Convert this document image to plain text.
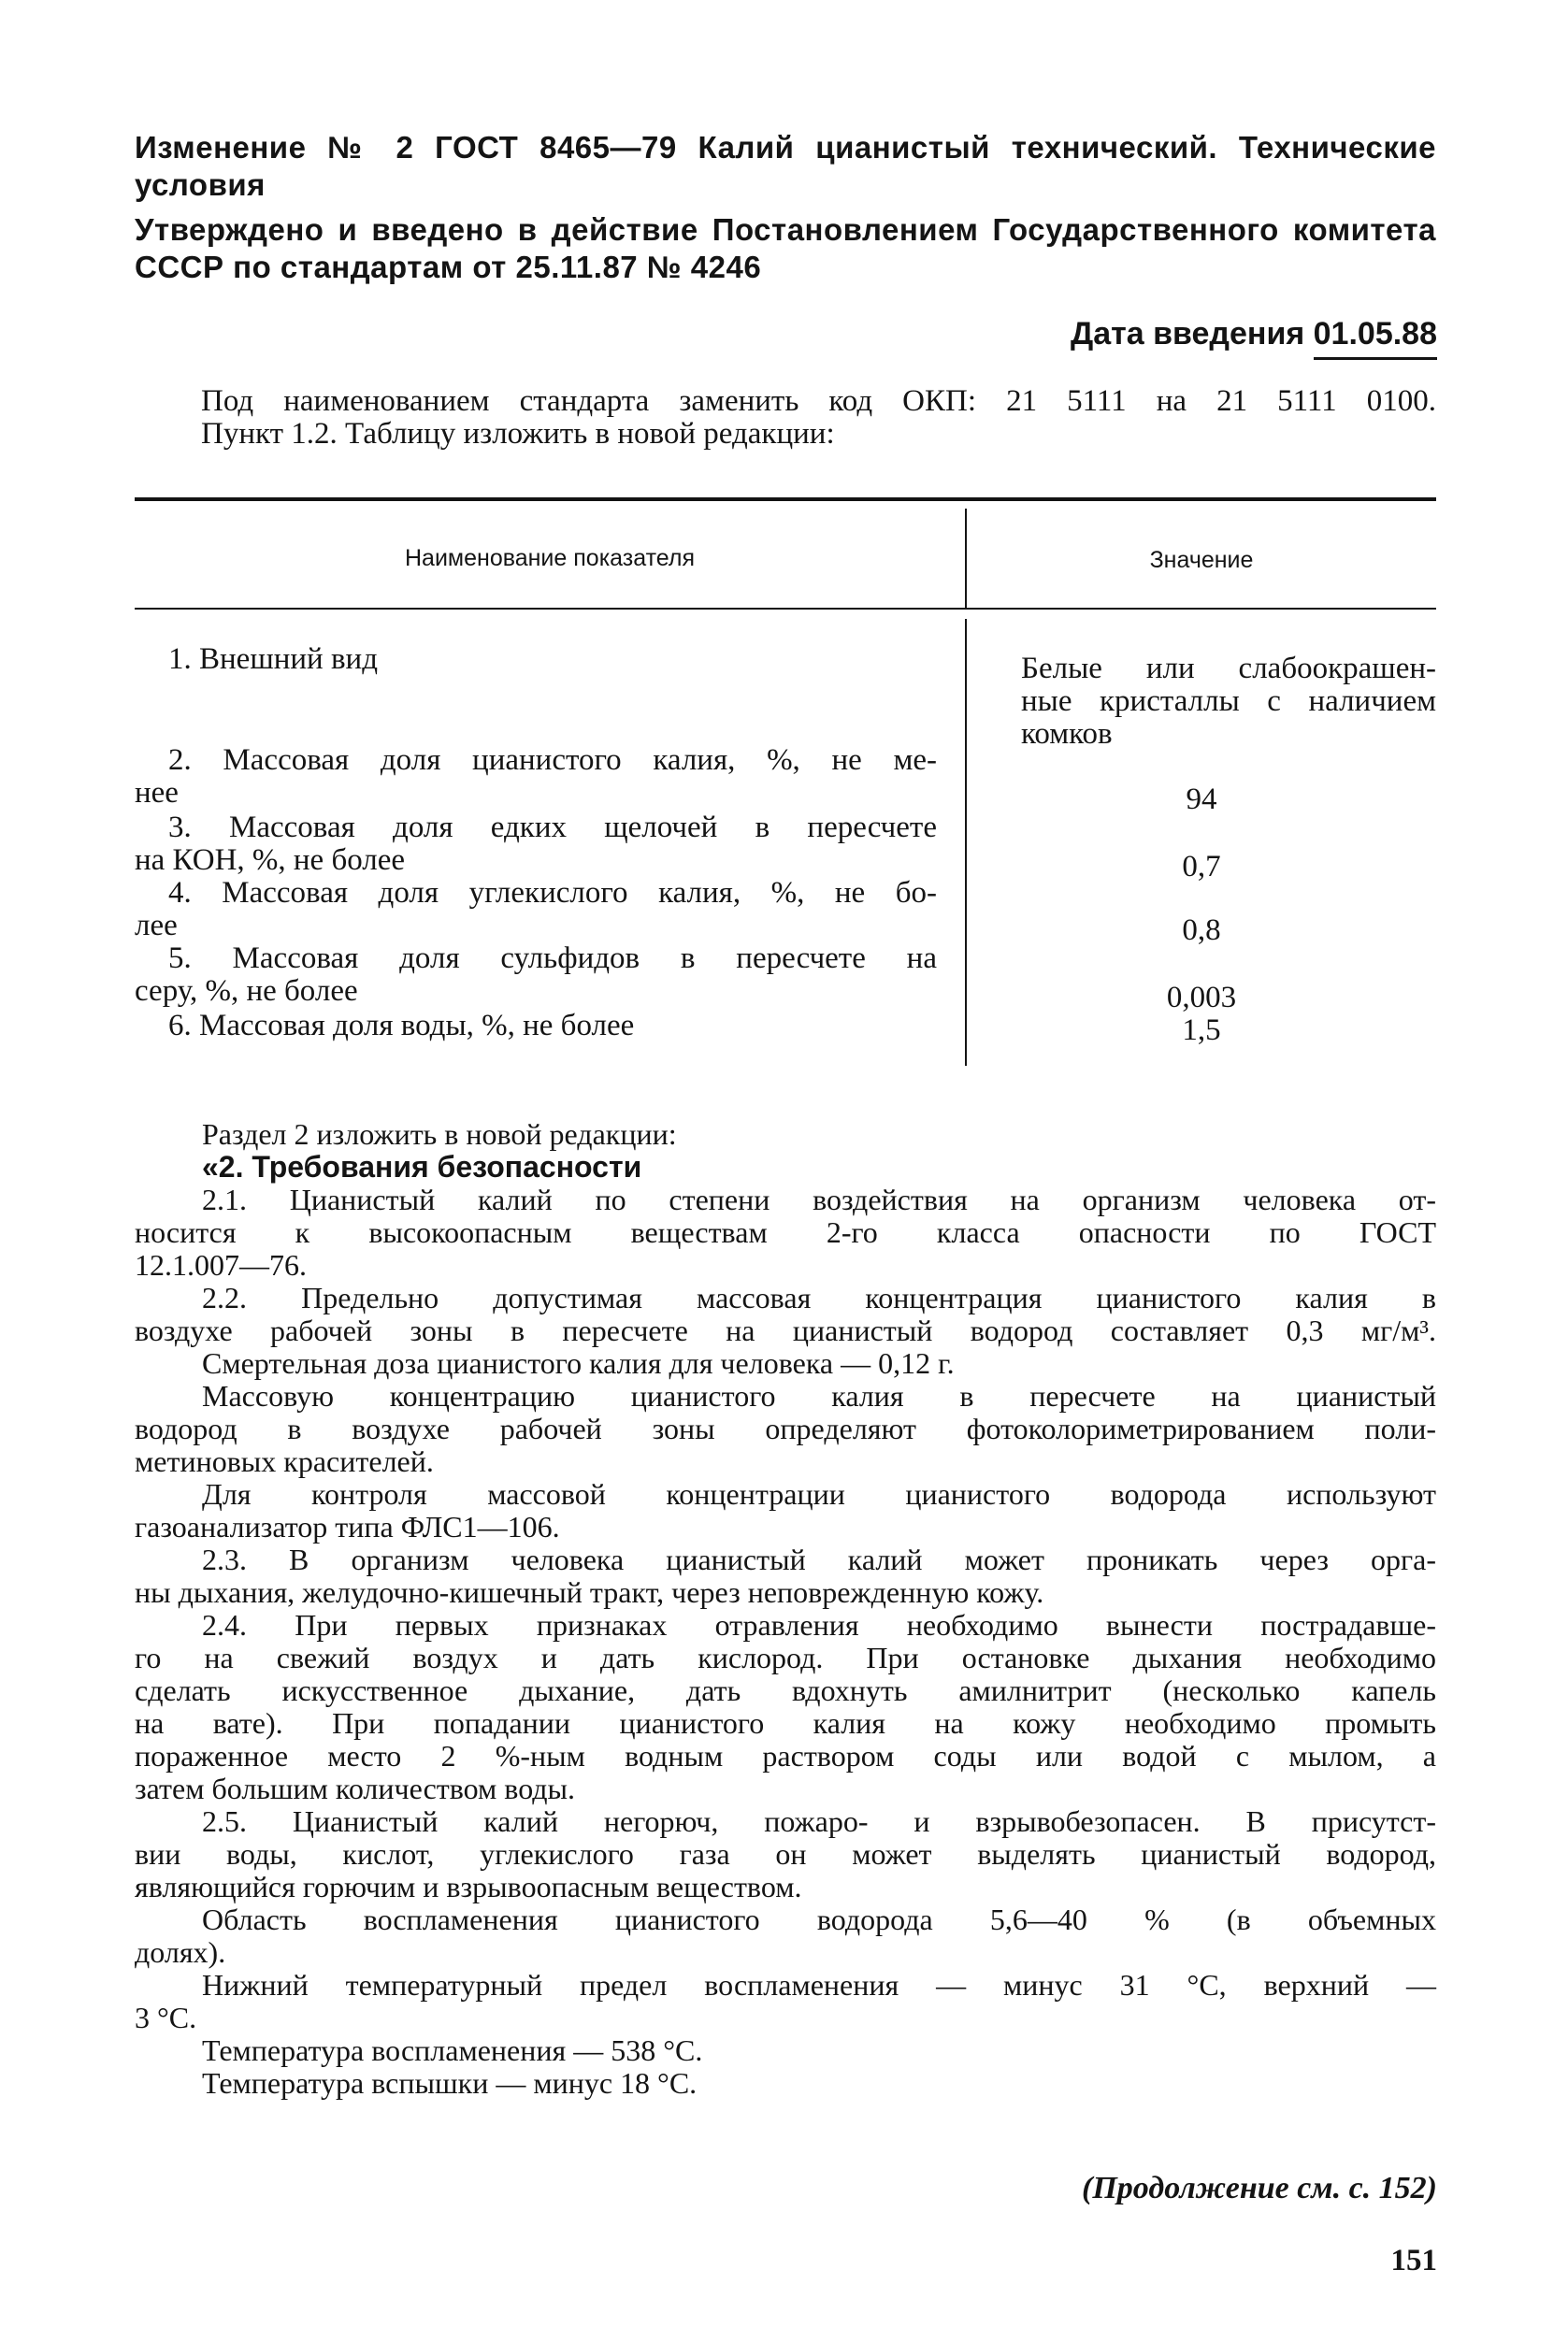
Изменение № 2 ГОСТ 8465—79 Калий цианистый технический. Технические
условия
Утверждено и введено в действие Постановлением Государственного комитета
СССР по стандартам от 25.11.87 № 4246
Дата введения 01.05.88
Под наименованием стандарта заменить код ОКП: 21 5111 на 21 5111 0100.
Пункт 1.2. Таблицу изложить в новой редакции:
Наименование показателя	Значение
1. Внешний вид	Белые или слабоокрашен-
ные кристаллы с наличием
комков
2. Массовая доля цианистого калия, %, не ме-
нее	94
3. Массовая доля едких щелочей в пересчете
на КОН, %, не более	0,7
4. Массовая доля углекислого калия, %, не бо-
лее	0,8
5. Массовая доля сульфидов в пересчете на
серу, %, не более	0,003
6. Массовая доля воды, %, не более	1,5
Раздел 2 изложить в новой редакции:
«2. Требования безопасности
2.1. Цианистый калий по степени воздействия на организм человека от-
носится к высокоопасным веществам 2-го класса опасности по ГОСТ
12.1.007—76.
2.2. Предельно допустимая массовая концентрация цианистого калия в
воздухе рабочей зоны в пересчете на цианистый водород составляет 0,3 мг/м³.
Смертельная доза цианистого калия для человека — 0,12 г.
Массовую концентрацию цианистого калия в пересчете на цианистый
водород в воздухе рабочей зоны определяют фотоколориметрированием поли-
метиновых красителей.
Для контроля массовой концентрации цианистого водорода используют
газоанализатор типа ФЛС1—106.
2.3. В организм человека цианистый калий может проникать через орга-
ны дыхания, желудочно-кишечный тракт, через неповрежденную кожу.
2.4. При первых признаках отравления необходимо вынести пострадавше-
го на свежий воздух и дать кислород. При остановке дыхания необходимо
сделать искусственное дыхание, дать вдохнуть амилнитрит (несколько капель
на вате). При попадании цианистого калия на кожу необходимо промыть
пораженное место 2 %-ным водным раствором соды или водой с мылом, а
затем большим количеством воды.
2.5. Цианистый калий негорюч, пожаро- и взрывобезопасен. В присутст-
вии воды, кислот, углекислого газа он может выделять цианистый водород,
являющийся горючим и взрывоопасным веществом.
Область воспламенения цианистого водорода 5,6—40 % (в объемных
долях).
Нижний температурный предел воспламенения — минус 31 °С, верхний —
3 °С.
Температура воспламенения — 538 °С.
Температура вспышки — минус 18 °С.
(Продолжение см. с. 152)
151
